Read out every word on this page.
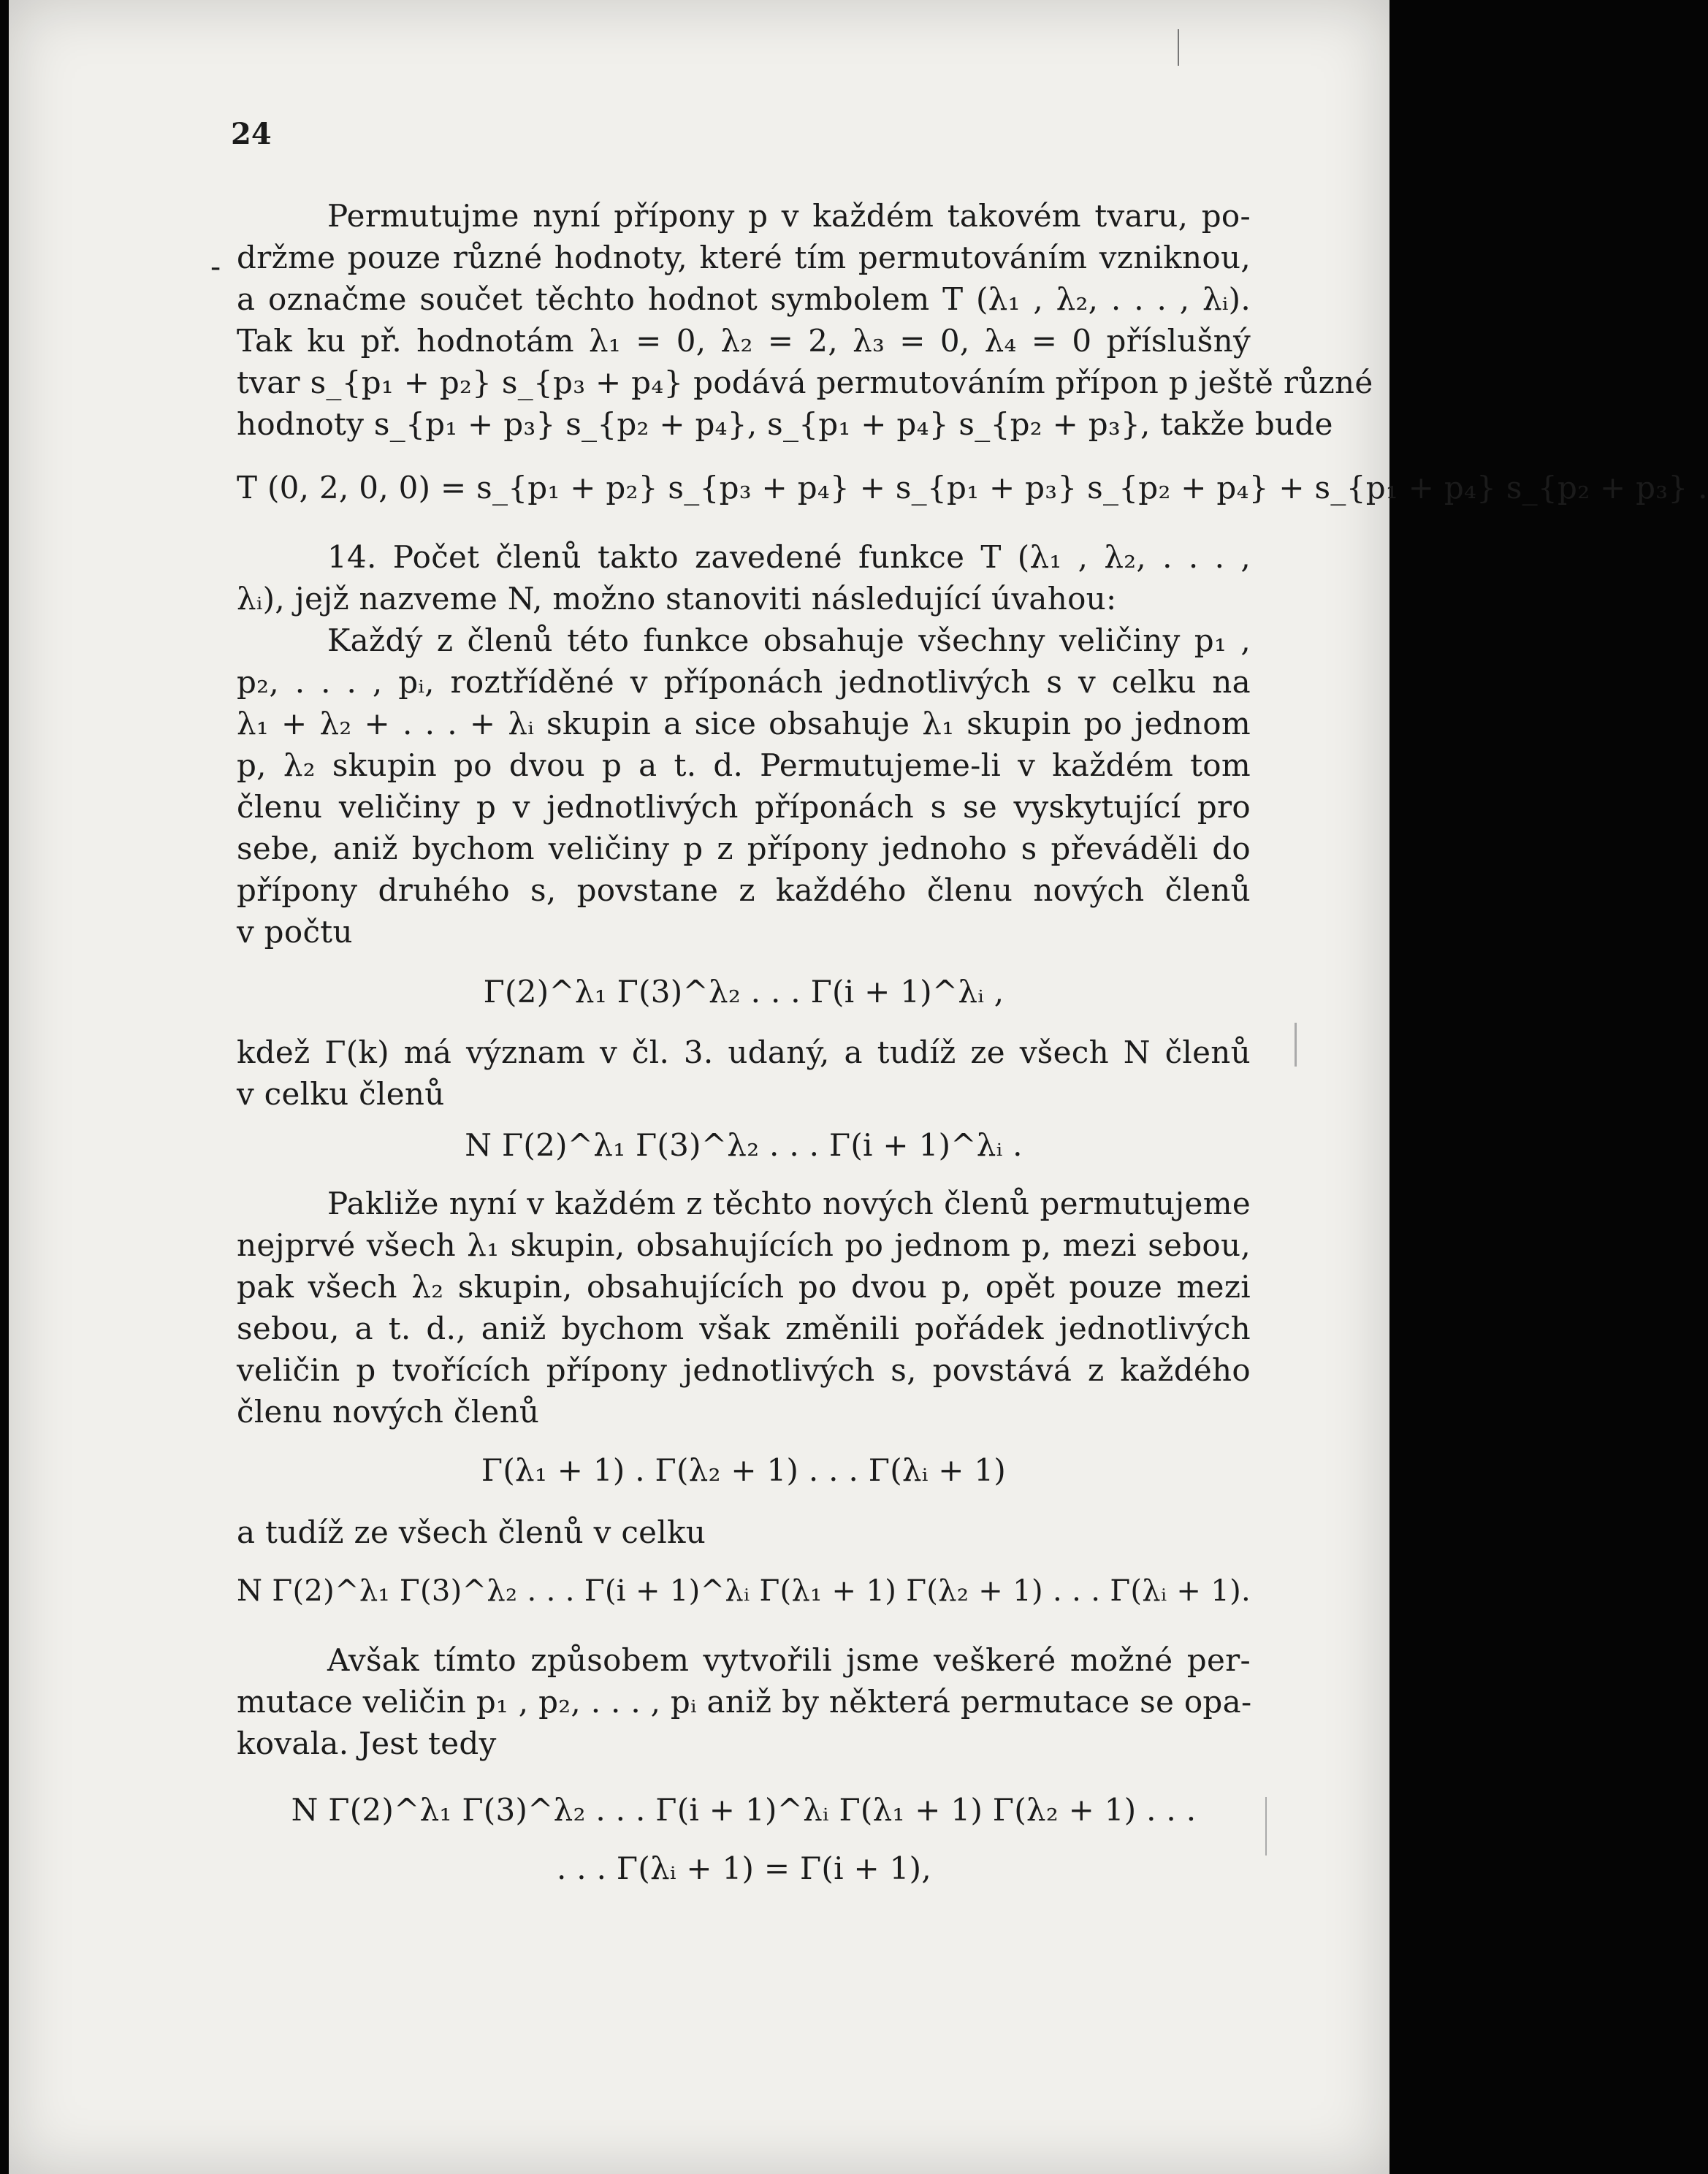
24
-
Permutujme nyní přípony p v každém takovém tvaru, po-
držme pouze různé hodnoty, které tím permutováním vzniknou,
a označme součet těchto hodnot symbolem T (λ₁ , λ₂, . . . , λᵢ).
Tak ku př. hodnotám λ₁ = 0, λ₂ = 2, λ₃ = 0, λ₄ = 0 příslušný
tvar s_{p₁ + p₂} s_{p₃ + p₄} podává permutováním přípon p ještě různé
hodnoty s_{p₁ + p₃} s_{p₂ + p₄}, s_{p₁ + p₄} s_{p₂ + p₃}, takže bude
T (0, 2, 0, 0) = s_{p₁ + p₂} s_{p₃ + p₄} + s_{p₁ + p₃} s_{p₂ + p₄} + s_{p₁ + p₄} s_{p₂ + p₃} .
14. Počet členů takto zavedené funkce T (λ₁ , λ₂, . . . ,
λᵢ), jejž nazveme N, možno stanoviti následující úvahou:
Každý z členů této funkce obsahuje všechny veličiny p₁ ,
p₂, . . . , pᵢ, roztříděné v příponách jednotlivých s v celku na
λ₁ + λ₂ + . . . + λᵢ skupin a sice obsahuje λ₁ skupin po jednom
p, λ₂ skupin po dvou p a t. d. Permutujeme-li v každém tom
členu veličiny p v jednotlivých příponách s se vyskytující pro
sebe, aniž bychom veličiny p z přípony jednoho s převáděli do
přípony druhého s, povstane z každého členu nových členů
v počtu
Γ(2)^λ₁ Γ(3)^λ₂ . . . Γ(i + 1)^λᵢ ,
kdež Γ(k) má význam v čl. 3. udaný, a tudíž ze všech N členů
v celku členů
N Γ(2)^λ₁ Γ(3)^λ₂ . . . Γ(i + 1)^λᵢ .
Pakliže nyní v každém z těchto nových členů permutujeme
nejprvé všech λ₁ skupin, obsahujících po jednom p, mezi sebou,
pak všech λ₂ skupin, obsahujících po dvou p, opět pouze mezi
sebou, a t. d., aniž bychom však změnili pořádek jednotlivých
veličin p tvořících přípony jednotlivých s, povstává z každého
členu nových členů
Γ(λ₁ + 1) . Γ(λ₂ + 1) . . . Γ(λᵢ + 1)
a tudíž ze všech členů v celku
N Γ(2)^λ₁ Γ(3)^λ₂ . . . Γ(i + 1)^λᵢ Γ(λ₁ + 1) Γ(λ₂ + 1) . . . Γ(λᵢ + 1).
Avšak tímto způsobem vytvořili jsme veškeré možné per-
mutace veličin p₁ , p₂, . . . , pᵢ aniž by některá permutace se opa-
kovala. Jest tedy
N Γ(2)^λ₁ Γ(3)^λ₂ . . . Γ(i + 1)^λᵢ Γ(λ₁ + 1) Γ(λ₂ + 1) . . .
. . . Γ(λᵢ + 1) = Γ(i + 1),
